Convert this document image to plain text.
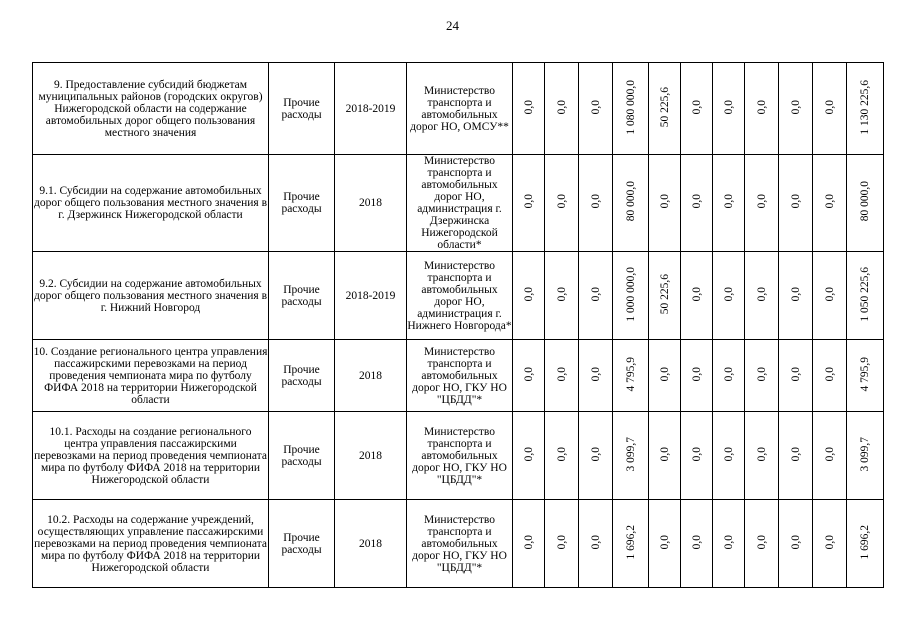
24
9. Предоставление субсидий бюджетам муниципальных районов (городских округов) Нижегородской области на содержание автомобильных дорог общего пользования местного значения	Прочие расходы	2018-2019	Министерство транспорта и автомобильных дорог НО, ОМСУ**	0,0	0,0	0,0	1 080 000,0	50 225,6	0,0	0,0	0,0	0,0	0,0	1 130 225,6
9.1. Субсидии на содержание автомобильных дорог общего пользования местного значения в г. Дзержинск Нижегородской области	Прочие расходы	2018	Министерство транспорта и автомобильных дорог НО, администрация г. Дзержинска Нижегородской области*	0,0	0,0	0,0	80 000,0	0,0	0,0	0,0	0,0	0,0	0,0	80 000,0
9.2. Субсидии на содержание автомобильных дорог общего пользования местного значения в г. Нижний Новгород	Прочие расходы	2018-2019	Министерство транспорта и автомобильных дорог НО, администрация г. Нижнего Новгорода*	0,0	0,0	0,0	1 000 000,0	50 225,6	0,0	0,0	0,0	0,0	0,0	1 050 225,6
10. Создание регионального центра управления пассажирскими перевозками на период проведения чемпионата мира по футболу ФИФА 2018 на территории Нижегородской области	Прочие расходы	2018	Министерство транспорта и автомобильных дорог НО, ГКУ НО "ЦБДД"*	0,0	0,0	0,0	4 795,9	0,0	0,0	0,0	0,0	0,0	0,0	4 795,9
10.1. Расходы на создание регионального центра управления пассажирскими перевозками на период проведения чемпионата мира по футболу ФИФА 2018 на территории Нижегородской области	Прочие расходы	2018	Министерство транспорта и автомобильных дорог НО, ГКУ НО "ЦБДД"*	0,0	0,0	0,0	3 099,7	0,0	0,0	0,0	0,0	0,0	0,0	3 099,7
10.2. Расходы на содержание учреждений, осуществляющих управление пассажирскими перевозками на период проведения чемпионата мира по футболу ФИФА 2018 на территории Нижегородской области	Прочие расходы	2018	Министерство транспорта и автомобильных дорог НО, ГКУ НО "ЦБДД"*	0,0	0,0	0,0	1 696,2	0,0	0,0	0,0	0,0	0,0	0,0	1 696,2
